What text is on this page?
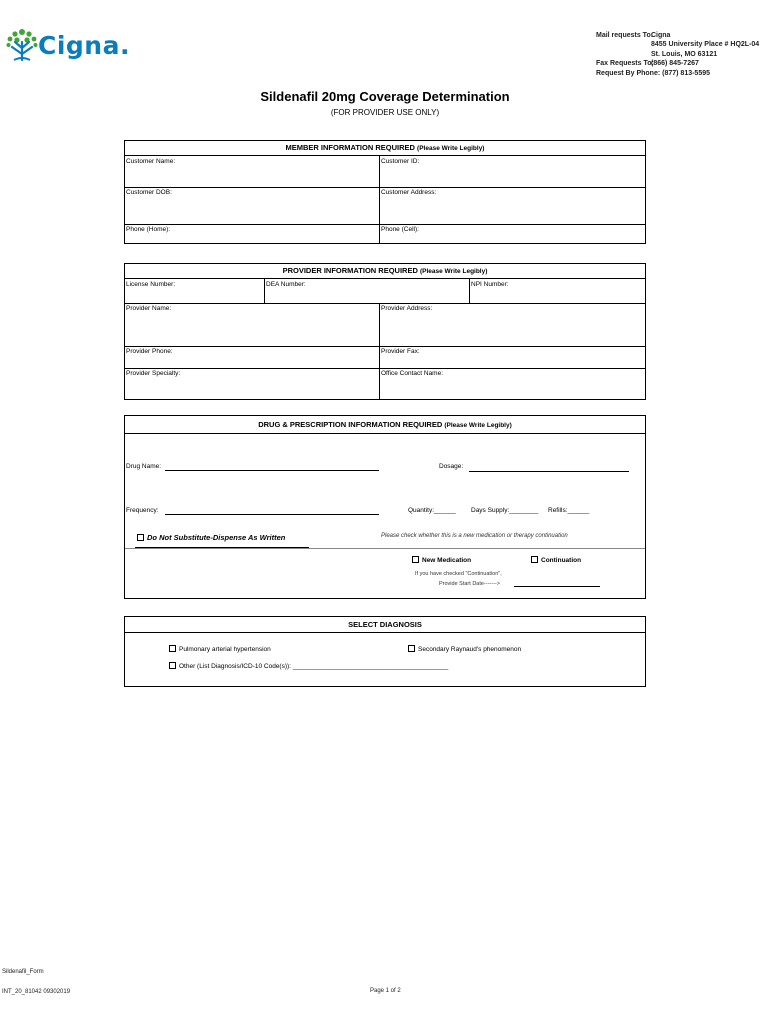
Cigna.	Mail requests To:Cigna
8455 University Place # HQ2L-04
St. Louis, MO 63121
Fax Requests To:(866) 845-7267
Request By Phone: (877) 813-5595
Sildenafil 20mg Coverage Determination
(FOR PROVIDER USE ONLY)
MEMBER INFORMATION REQUIRED (Please Write Legibly)
Customer Name:	Customer ID:
Customer DOB:	Customer Address:
Phone (Home):	Phone (Cell):
PROVIDER INFORMATION REQUIRED (Please Write Legibly)
License Number:	DEA Number:	NPI Number:
Provider Name:	Provider Address:
Provider Phone:	Provider Fax:
Provider Specialty:	Office Contact Name:
DRUG & PRESCRIPTION INFORMATION REQUIRED (Please Write Legibly)
Drug Name:	Dosage:
Frequency:	Quantity:______ Days Supply:________ Refills:______
Do Not Substitute-Dispense As Written	Please check whether this is a new medication or therapy continuation
New Medication	Continuation
If you have checked "Continuation",
Provide Start Date------->
SELECT DIAGNOSIS
Pulmonary arterial hypertension	Secondary Raynaud's phenomenon
Other (List Diagnosis/ICD-10 Code(s)): ___________________________________________
Sildenafil_Form
INT_20_81042 09302019	Page 1 of 2
